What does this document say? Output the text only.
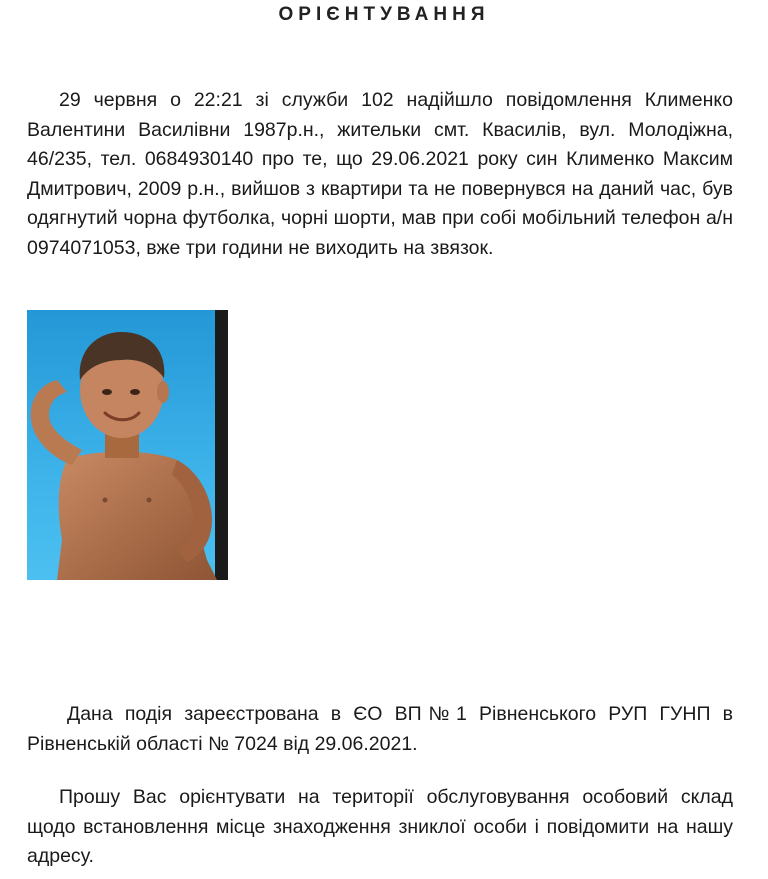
ОРІЄНТУВАННЯ

29 червня о 22:21 зі служби 102 надійшло повідомлення Клименко Валентини Василівни 1987р.н., жительки смт. Квасилів, вул. Молодіжна, 46/235, тел. 0684930140 про те, що 29.06.2021 року син Клименко Максим Дмитрович, 2009 р.н., вийшов з квартири та не повернувся на даний час, був одягнутий чорна футболка, чорні шорти, мав при собі мобільний телефон а/н 0974071053, вже три години не виходить на звязок.

Дана подія зареєстрована в ЄО ВП№1 Рівненського РУП ГУНП в Рівненській області № 7024 від 29.06.2021.

Прошу Вас орієнтувати на території обслуговування особовий склад щодо встановлення місце знаходження зниклої особи і повідомити на нашу адресу.
